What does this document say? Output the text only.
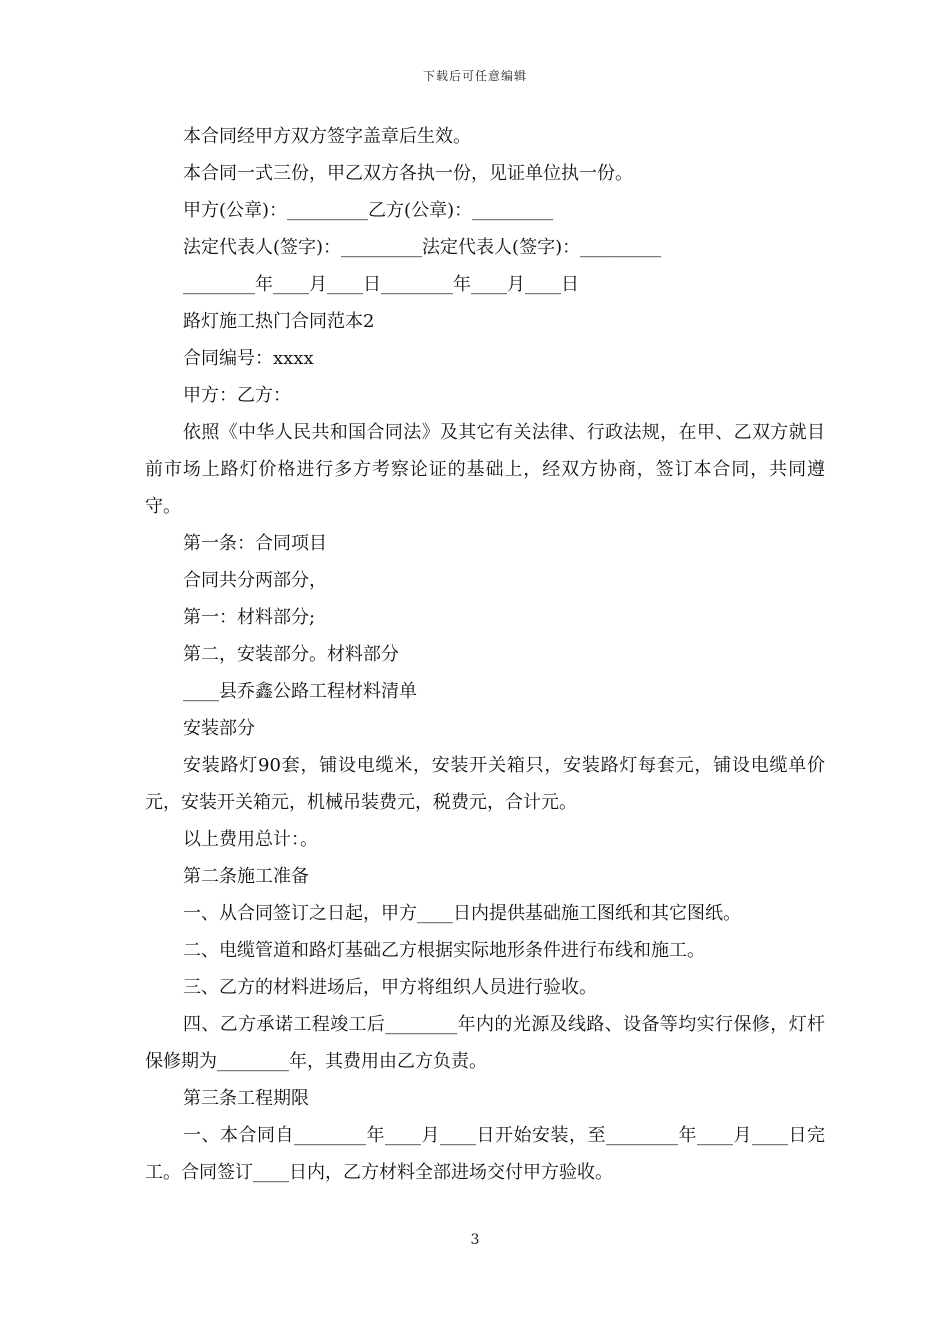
下载后可任意编辑

本合同经甲方双方签字盖章后生效。

本合同一式三份，甲乙双方各执一份，见证单位执一份。

甲方(公章)：_________乙方(公章)：_________

法定代表人(签字)：_________法定代表人(签字)：_________

________年____月____日________年____月____日

路灯施工热门合同范本2

合同编号：xxxx

甲方：乙方：

依照《中华人民共和国合同法》及其它有关法律、行政法规，在甲、乙双方就目前市场上路灯价格进行多方考察论证的基础上，经双方协商，签订本合同，共同遵守。

第一条：合同项目

合同共分两部分，

第一：材料部分;

第二，安装部分。材料部分

____县乔鑫公路工程材料清单

安装部分

安装路灯90套，铺设电缆米，安装开关箱只，安装路灯每套元，铺设电缆单价元，安装开关箱元，机械吊装费元，税费元，合计元。

以上费用总计：。

第二条施工准备

一、从合同签订之日起，甲方____日内提供基础施工图纸和其它图纸。

二、电缆管道和路灯基础乙方根据实际地形条件进行布线和施工。

三、乙方的材料进场后，甲方将组织人员进行验收。

四、乙方承诺工程竣工后________年内的光源及线路、设备等均实行保修，灯杆保修期为________年，其费用由乙方负责。

第三条工程期限

一、本合同自________年____月____日开始安装，至________年____月____日完工。合同签订____日内，乙方材料全部进场交付甲方验收。

3
